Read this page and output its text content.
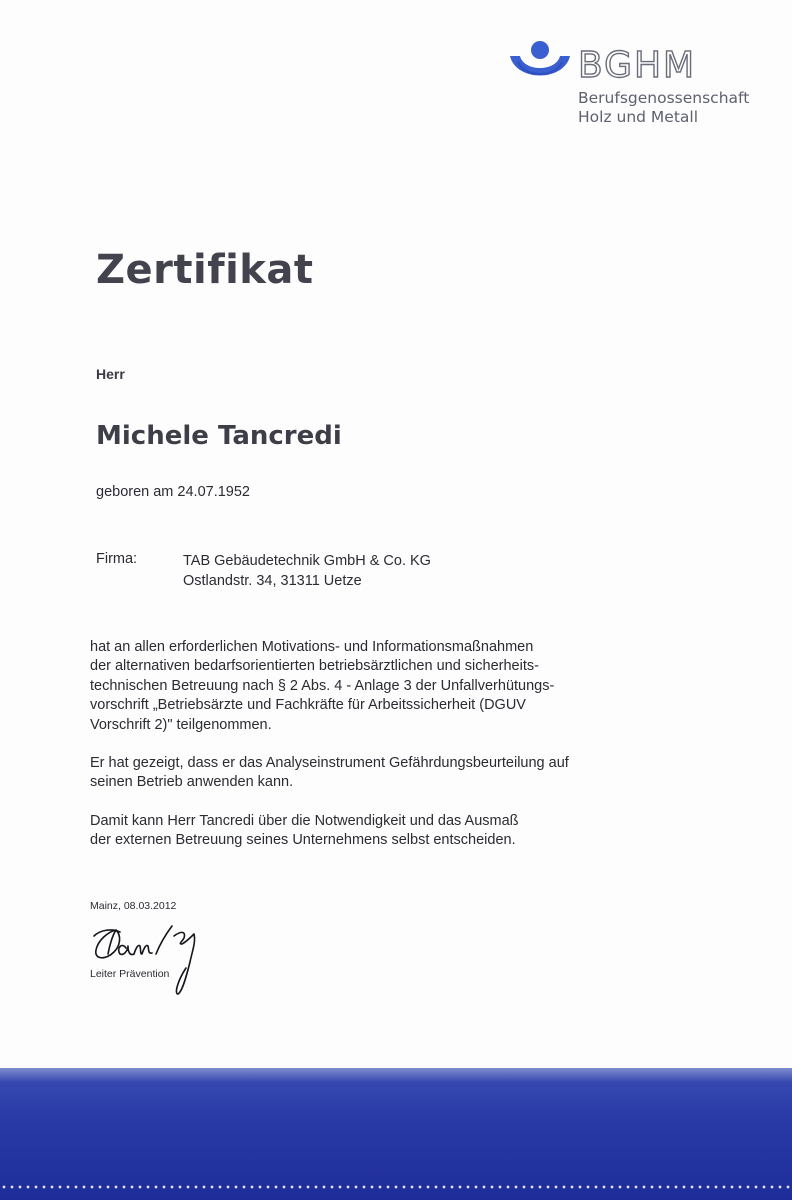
BGHM
Berufsgenossenschaft
Holz und Metall
Zertifikat
Herr
Michele Tancredi
geboren am 24.07.1952
Firma:	TAB Gebäudetechnik GmbH & Co. KG
Ostlandstr. 34, 31311 Uetze

hat an allen erforderlichen Motivations- und Informationsmaßnahmen
der alternativen bedarfsorientierten betriebsärztlichen und sicherheits-
technischen Betreuung nach § 2 Abs. 4 - Anlage 3 der Unfallverhütungs-
vorschrift „Betriebsärzte und Fachkräfte für Arbeitssicherheit (DGUV
Vorschrift 2)" teilgenommen.

Er hat gezeigt, dass er das Analyseinstrument Gefährdungsbeurteilung auf
seinen Betrieb anwenden kann.

Damit kann Herr Tancredi über die Notwendigkeit und das Ausmaß
der externen Betreuung seines Unternehmens selbst entscheiden.

Mainz, 08.03.2012
Leiter Prävention
